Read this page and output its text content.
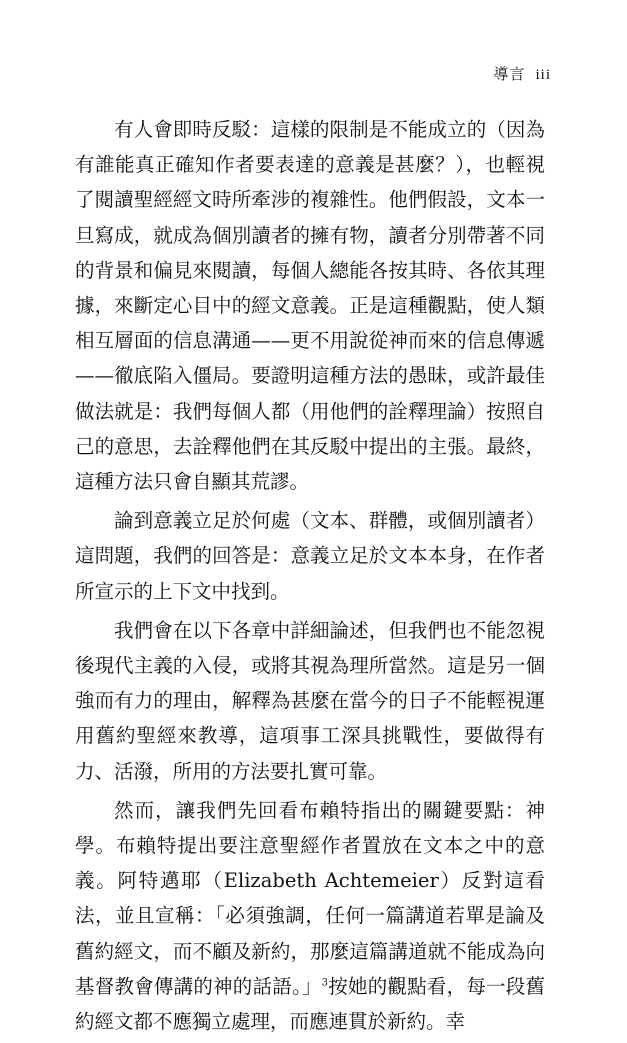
導言 iii

有人會即時反駁：這樣的限制是不能成立的（因為有誰能真正確知作者要表達的意義是甚麼？），也輕視了閱讀聖經經文時所牽涉的複雜性。他們假設，文本一旦寫成，就成為個別讀者的擁有物，讀者分別帶著不同的背景和偏見來閱讀，每個人總能各按其時、各依其理據，來斷定心目中的經文意義。正是這種觀點，使人類相互層面的信息溝通——更不用說從神而來的信息傳遞——徹底陷入僵局。要證明這種方法的愚昧，或許最佳做法就是：我們每個人都（用他們的詮釋理論）按照自己的意思，去詮釋他們在其反駁中提出的主張。最終，這種方法只會自顯其荒謬。

論到意義立足於何處（文本、群體，或個別讀者）這問題，我們的回答是：意義立足於文本本身，在作者所宣示的上下文中找到。

我們會在以下各章中詳細論述，但我們也不能忽視後現代主義的入侵，或將其視為理所當然。這是另一個強而有力的理由，解釋為甚麼在當今的日子不能輕視運用舊約聖經來教導，這項事工深具挑戰性，要做得有力、活潑，所用的方法要扎實可靠。

然而，讓我們先回看布賴特指出的關鍵要點：神學。布賴特提出要注意聖經作者置放在文本之中的意義。阿特邁耶（Elizabeth Achtemeier）反對這看法，並且宣稱：「必須強調，任何一篇講道若單是論及舊約經文，而不顧及新約，那麼這篇講道就不能成為向基督教會傳講的神的話語。」$^3$按她的觀點看，每一段舊約經文都不應獨立處理，而應連貫於新約。幸
